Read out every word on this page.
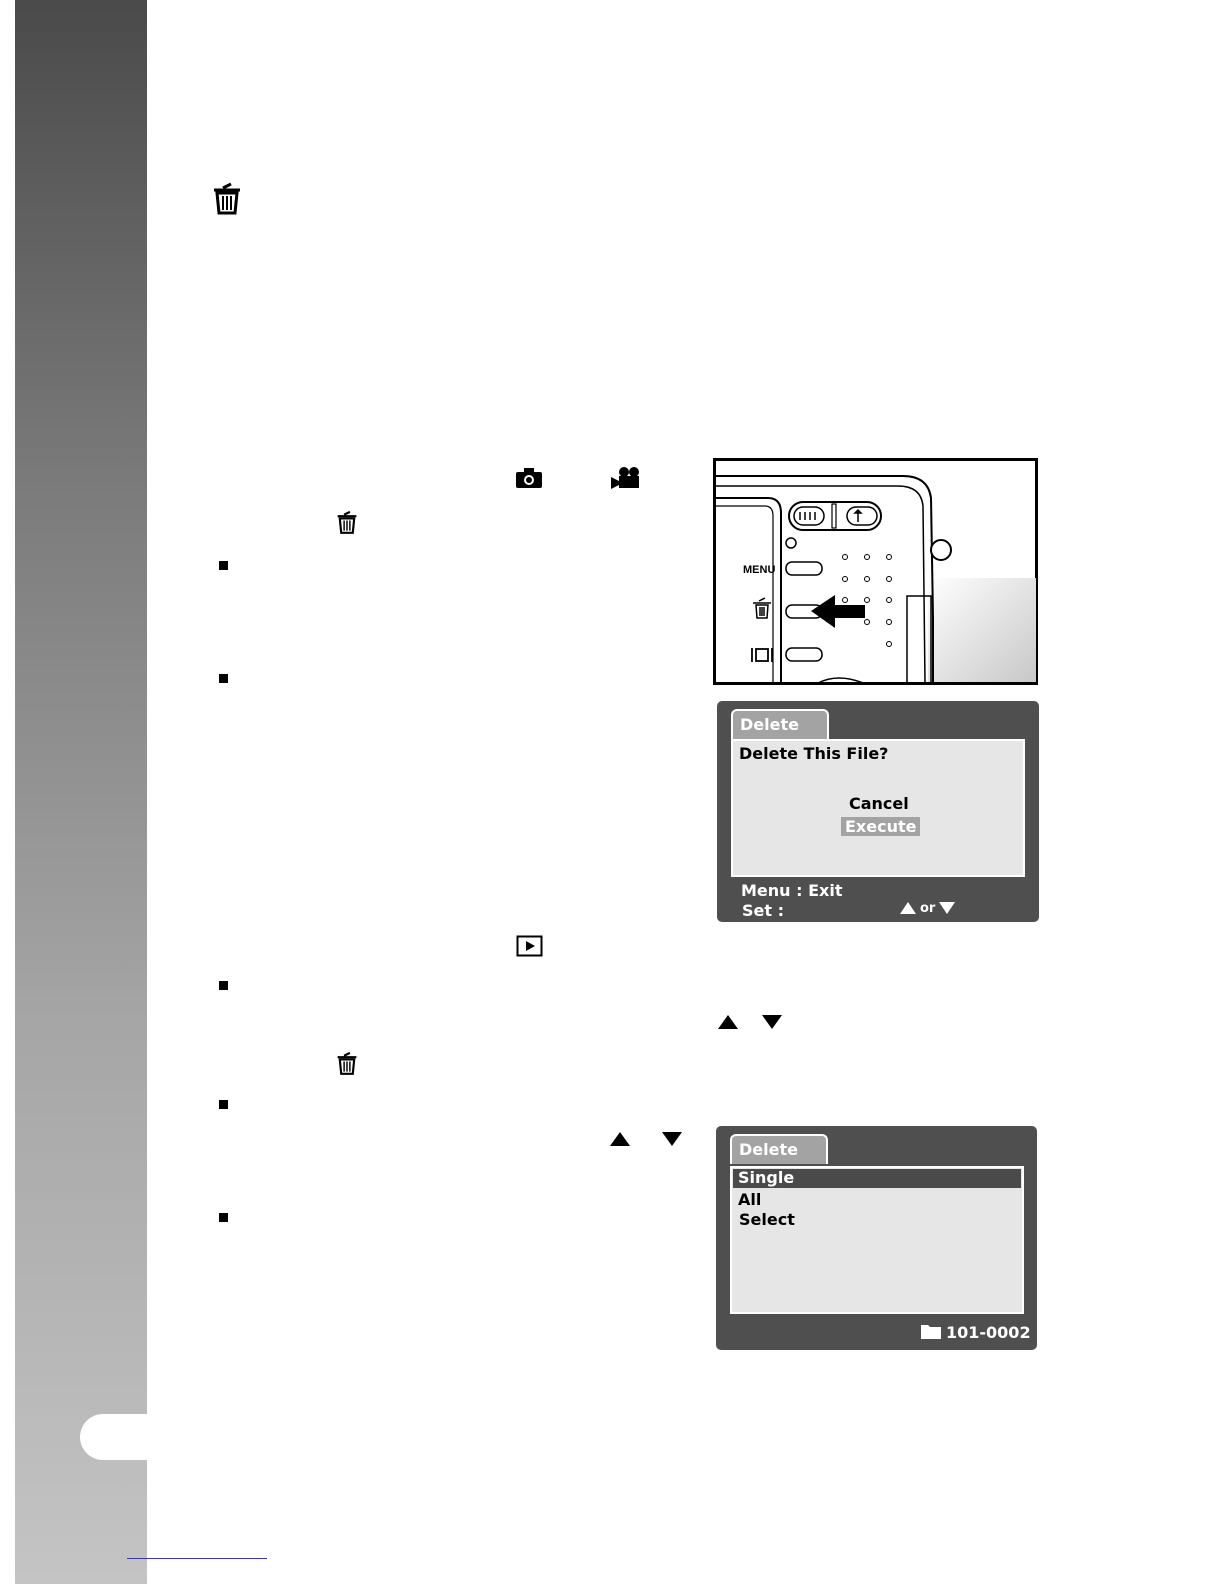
MENU
Delete
Delete This File?
Cancel
Execute
Menu : Exit
Set :	or
Delete
Single
All
Select
101-0002
